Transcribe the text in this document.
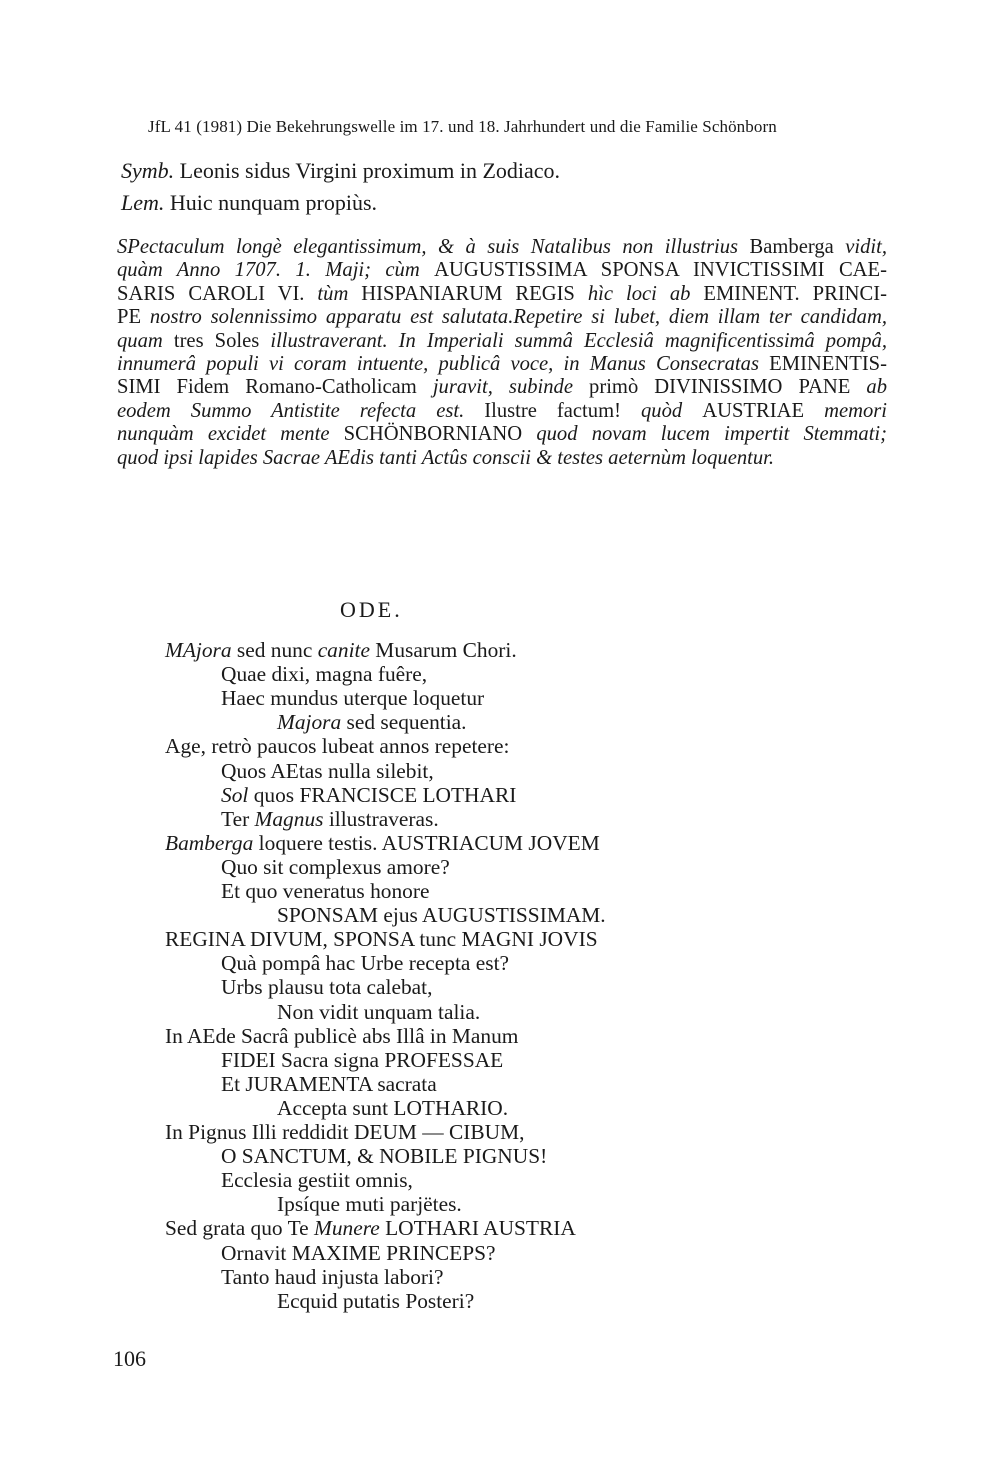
JfL 41 (1981) Die Bekehrungswelle im 17. und 18. Jahrhundert und die Familie Schönborn
Symb. Leonis sidus Virgini proximum in Zodiaco.
Lem. Huic nunquam propiùs.
SPectaculum longè elegantissimum, & à suis Natalibus non illustrius Bamberga vidit,
quàm Anno 1707. 1. Maji; cùm AUGUSTISSIMA SPONSA INVICTISSIMI CAE-
SARIS CAROLI VI. tùm HISPANIARUM REGIS hìc loci ab EMINENT. PRINCI-
PE nostro solennissimo apparatu est salutata.Repetire si lubet, diem illam ter candidam,
quam tres Soles illustraverant. In Imperiali summâ Ecclesiâ magnificentissimâ pompâ,
innumerâ populi vi coram intuente, publicâ voce, in Manus Consecratas EMINENTIS-
SIMI Fidem Romano-Catholicam juravit, subinde primò DIVINISSIMO PANE ab
eodem Summo Antistite refecta est. Ilustre factum! quòd AUSTRIAE memori
nunquàm excidet mente SCHÖNBORNIANO quod novam lucem impertit Stemmati;
quod ipsi lapides Sacrae AEdis tanti Actûs conscii & testes aeternùm loquentur.
ODE.
MAjora sed nunc canite Musarum Chori.
Quae dixi, magna fuêre,
Haec mundus uterque loquetur
Majora sed sequentia.
Age, retrò paucos lubeat annos repetere:
Quos AEtas nulla silebit,
Sol quos FRANCISCE LOTHARI
Ter Magnus illustraveras.
Bamberga loquere testis. AUSTRIACUM JOVEM
Quo sit complexus amore?
Et quo veneratus honore
SPONSAM ejus AUGUSTISSIMAM.
REGINA DIVUM, SPONSA tunc MAGNI JOVIS
Quà pompâ hac Urbe recepta est?
Urbs plausu tota calebat,
Non vidit unquam talia.
In AEde Sacrâ publicè abs Illâ in Manum
FIDEI Sacra signa PROFESSAE
Et JURAMENTA sacrata
Accepta sunt LOTHARIO.
In Pignus Illi reddidit DEUM — CIBUM,
O SANCTUM, & NOBILE PIGNUS!
Ecclesia gestiit omnis,
Ipsíque muti parjëtes.
Sed grata quo Te Munere LOTHARI AUSTRIA
Ornavit MAXIME PRINCEPS?
Tanto haud injusta labori?
Ecquid putatis Posteri?
106
